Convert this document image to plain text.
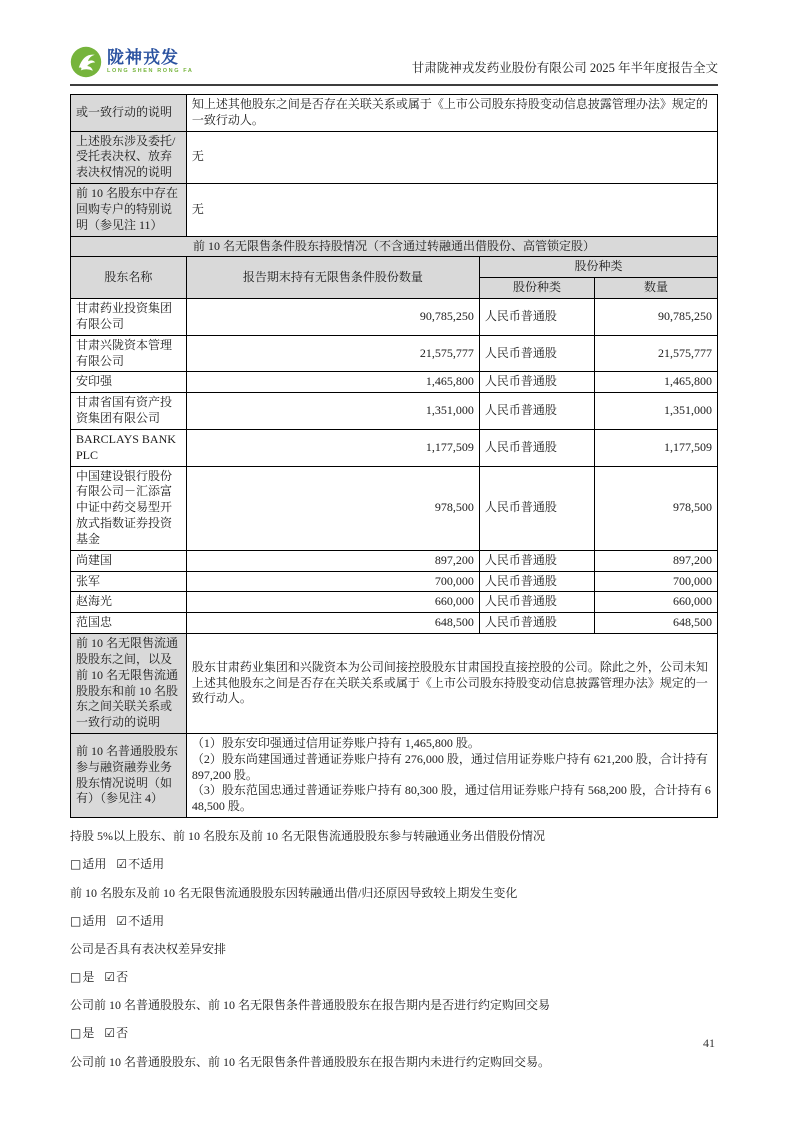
陇神戎发
LONG SHEN RONG FA	甘肃陇神戎发药业股份有限公司 2025 年半年度报告全文
或一致行动的说明	知上述其他股东之间是否存在关联关系或属于《上市公司股东持股变动信息披露管理办法》规定的一致行动人。		
上述股东涉及委托/受托表决权、放弃表决权情况的说明	无		
前 10 名股东中存在回购专户的特别说明（参见注 11）	无		
前 10 名无限售条件股东持股情况（不含通过转融通出借股份、高管锁定股）			
股东名称	报告期末持有无限售条件股份数量	股份种类	
		股份种类	数量
甘肃药业投资集团有限公司	90,785,250	人民币普通股	90,785,250
甘肃兴陇资本管理有限公司	21,575,777	人民币普通股	21,575,777
安印强	1,465,800	人民币普通股	1,465,800
甘肃省国有资产投资集团有限公司	1,351,000	人民币普通股	1,351,000
BARCLAYS BANK PLC	1,177,509	人民币普通股	1,177,509
中国建设银行股份有限公司－汇添富中证中药交易型开放式指数证券投资基金	978,500	人民币普通股	978,500
尚建国	897,200	人民币普通股	897,200
张军	700,000	人民币普通股	700,000
赵海光	660,000	人民币普通股	660,000
范国忠	648,500	人民币普通股	648,500
前 10 名无限售流通股股东之间，以及前 10 名无限售流通股股东和前 10 名股东之间关联关系或一致行动的说明	股东甘肃药业集团和兴陇资本为公司间接控股股东甘肃国投直接控股的公司。除此之外，公司未知上述其他股东之间是否存在关联关系或属于《上市公司股东持股变动信息披露管理办法》规定的一致行动人。		
前 10 名普通股股东参与融资融券业务股东情况说明（如有）（参见注 4）	（1）股东安印强通过信用证券账户持有 1,465,800 股。

（2）股东尚建国通过普通证券账户持有 276,000 股，通过信用证券账户持有 621,200 股，合计持有 897,200 股。

（3）股东范国忠通过普通证券账户持有 80,300 股，通过信用证券账户持有 568,200 股，合计持有 648,500 股。		

持股 5%以上股东、前 10 名股东及前 10 名无限售流通股股东参与转融通业务出借股份情况

□ 适用 ☑ 不适用

前 10 名股东及前 10 名无限售流通股股东因转融通出借/归还原因导致较上期发生变化

□ 适用 ☑ 不适用

公司是否具有表决权差异安排

□ 是 ☑ 否

公司前 10 名普通股股东、前 10 名无限售条件普通股股东在报告期内是否进行约定购回交易

□ 是 ☑ 否

公司前 10 名普通股股东、前 10 名无限售条件普通股股东在报告期内未进行约定购回交易。

41
